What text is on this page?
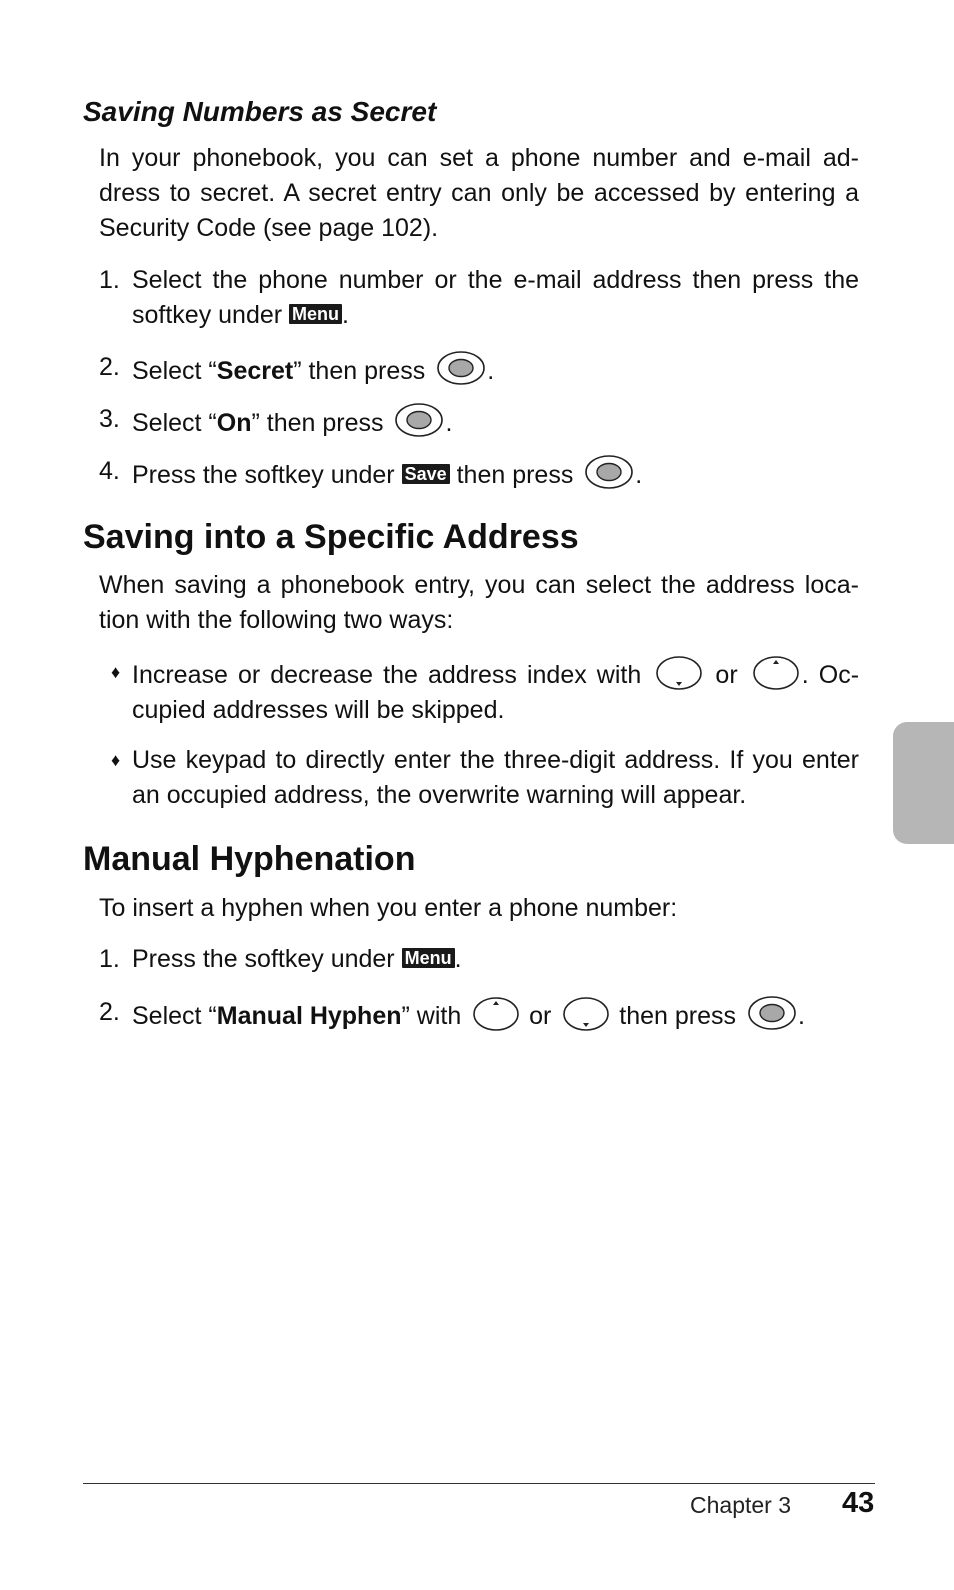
Saving Numbers as Secret

In your phonebook, you can set a phone number and e-mail ad-dress to secret. A secret entry can only be accessed by entering a Security Code (see page 102).

1. Select the phone number or the e-mail address then press the softkey under Menu .
2. Select “Secret” then press .
3. Select “On” then press .
4. Press the softkey under Save then press .
Saving into a Specific Address

When saving a phonebook entry, you can select the address loca-tion with the following two ways:

♦ Increase or decrease the address index with	or	. Oc-cupied addresses will be skipped.
♦ Use keypad to directly enter the three-digit address. If you enter an occupied address, the overwrite warning will appear.
Manual Hyphenation

To insert a hyphen when you enter a phone number:

1. Press the softkey under Menu .
2. Select “Manual Hyphen” with	or	then press .
Chapter 3 43
